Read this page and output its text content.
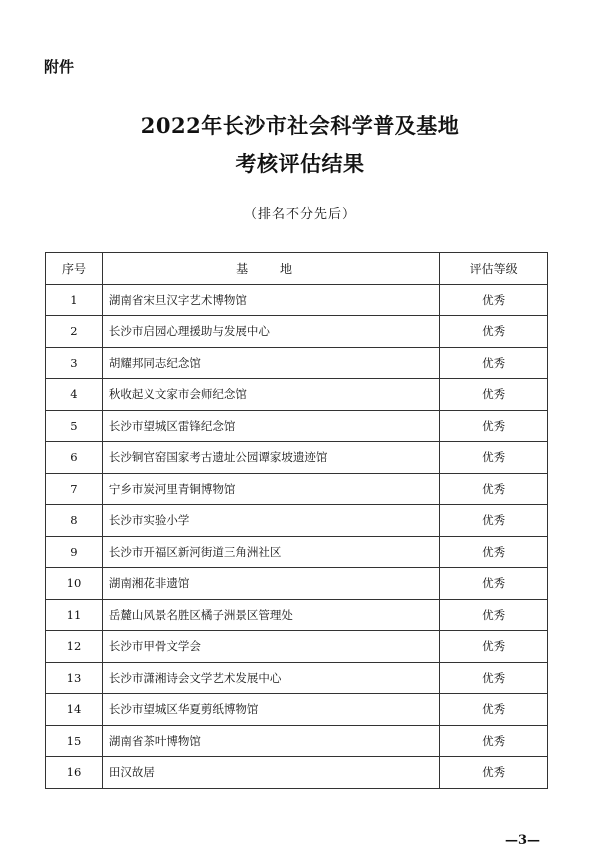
附件
2022年长沙市社会科学普及基地
考核评估结果
（排名不分先后）
序号	基 地	评估等级
1	湖南省宋旦汉字艺术博物馆	优秀
2	长沙市启园心理援助与发展中心	优秀
3	胡耀邦同志纪念馆	优秀
4	秋收起义文家市会师纪念馆	优秀
5	长沙市望城区雷锋纪念馆	优秀
6	长沙铜官窑国家考古遗址公园谭家坡遗迹馆	优秀
7	宁乡市炭河里青铜博物馆	优秀
8	长沙市实验小学	优秀
9	长沙市开福区新河街道三角洲社区	优秀
10	湖南湘花非遗馆	优秀
11	岳麓山风景名胜区橘子洲景区管理处	优秀
12	长沙市甲骨文学会	优秀
13	长沙市潇湘诗会文学艺术发展中心	优秀
14	长沙市望城区华夏剪纸博物馆	优秀
15	湖南省茶叶博物馆	优秀
16	田汉故居	优秀
—3—
